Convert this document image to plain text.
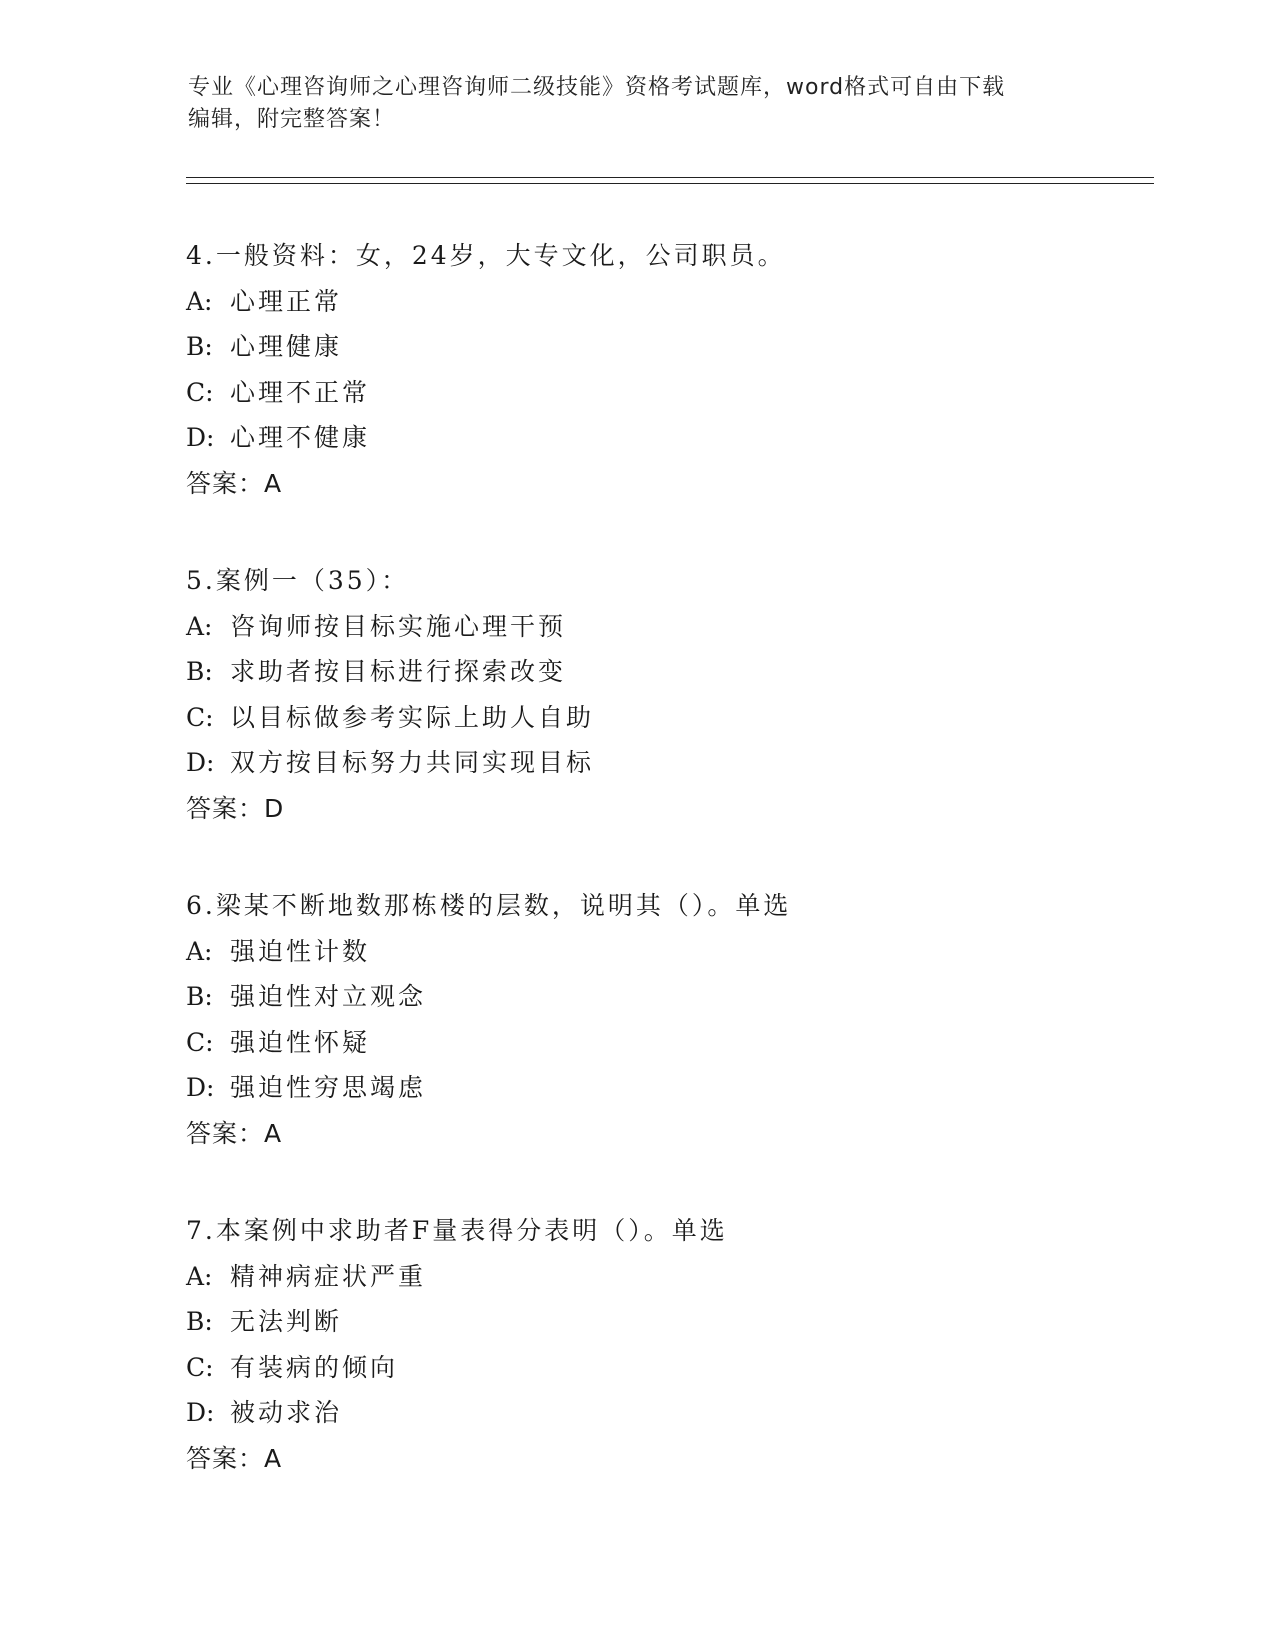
专业《心理咨询师之心理咨询师二级技能》资格考试题库，word格式可自由下载
编辑，附完整答案！
4.一般资料：女，24岁，大专文化，公司职员。
A: 心理正常
B: 心理健康
C: 心理不正常
D: 心理不健康
答案：A
5.案例一（35）：
A: 咨询师按目标实施心理干预
B: 求助者按目标进行探索改变
C: 以目标做参考实际上助人自助
D: 双方按目标努力共同实现目标
答案：D
6.梁某不断地数那栋楼的层数，说明其（）。单选
A: 强迫性计数
B: 强迫性对立观念
C: 强迫性怀疑
D: 强迫性穷思竭虑
答案：A
7.本案例中求助者F量表得分表明（）。单选
A: 精神病症状严重
B: 无法判断
C: 有装病的倾向
D: 被动求治
答案：A
